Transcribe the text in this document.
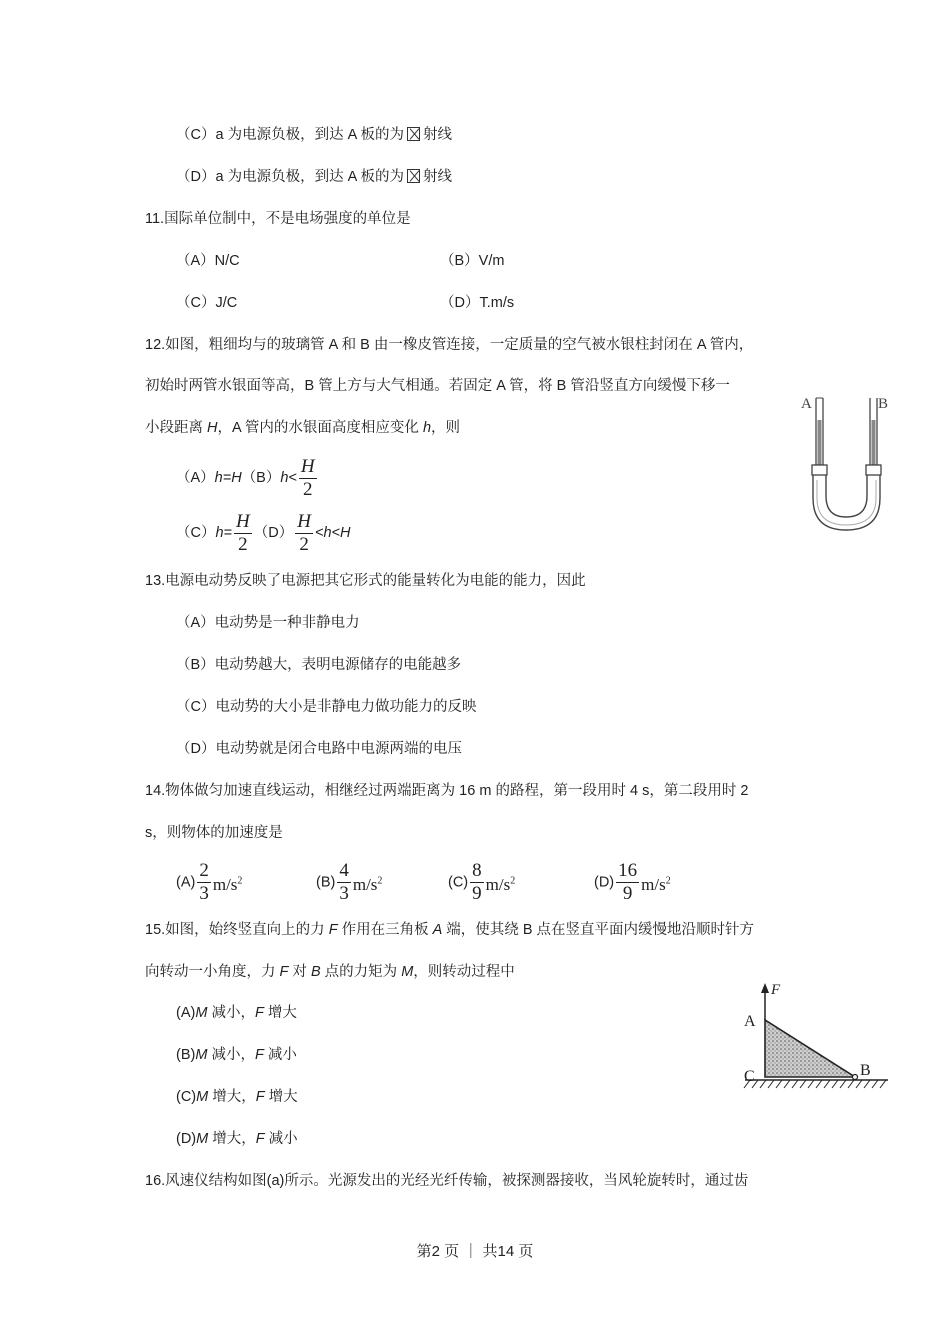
（C）a 为电源负极，到达 A 板的为 射线
（D）a 为电源负极，到达 A 板的为 射线
11.国际单位制中，不是电场强度的单位是
（A）N/C	（B）V/m
（C）J/C	（D）T.m/s
12.如图，粗细均与的玻璃管 A 和 B 由一橡皮管连接，一定质量的空气被水银柱封闭在 A 管内，
初始时两管水银面等高，B 管上方与大气相通。若固定 A 管，将 B 管沿竖直方向缓慢下移一
小段距离 H，A 管内的水银面高度相应变化 h，则
$(A)h=H(B)h< \frac{H}{2}$
$(C)h= \frac{H}{2} (D) \frac{H}{2} <h<H$
A	B
13.电源电动势反映了电源把其它形式的能量转化为电能的能力，因此
（A）电动势是一种非静电力
（B）电动势越大，表明电源储存的电能越多
（C）电动势的大小是非静电力做功能力的反映
（D）电动势就是闭合电路中电源两端的电压
14.物体做匀加速直线运动，相继经过两端距离为 16 m 的路程，第一段用时 4 s，第二段用时 2
s，则物体的加速度是
$(A) \frac{2}{3} m/s^2$	$(B) \frac{4}{3} m/s^2$	$(C) \frac{8}{9} m/s^2$	$(D) \frac{16}{9} m/s^2$
15.如图，始终竖直向上的力 F 作用在三角板 A 端，使其绕 B 点在竖直平面内缓慢地沿顺时针方
向转动一小角度，力 F 对 B 点的力矩为 M，则转动过程中
(A)M 减小，F 增大
(B)M 减小，F 减小
(C)M 增大，F 增大
(D)M 增大，F 减小
F
A
C	B
16.风速仪结构如图(a)所示。光源发出的光经光纤传输，被探测器接收，当风轮旋转时，通过齿
第2 页 ｜ 共14 页
